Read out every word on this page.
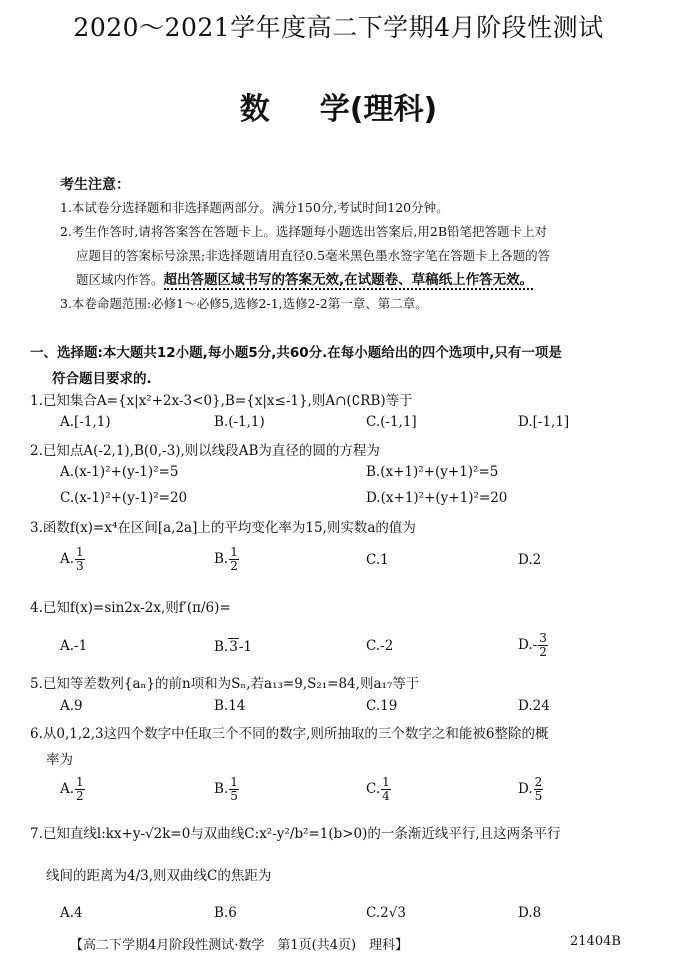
2020～2021学年度高二下学期4月阶段性测试
数 学(理科)
考生注意：
1.本试卷分选择题和非选择题两部分。满分150分,考试时间120分钟。
2.考生作答时,请将答案答在答题卡上。选择题每小题选出答案后,用2B铅笔把答题卡上对
应题目的答案标号涂黑;非选择题请用直径0.5毫米黑色墨水签字笔在答题卡上各题的答
题区域内作答。超出答题区域书写的答案无效,在试题卷、草稿纸上作答无效。
3.本卷命题范围:必修1～必修5,选修2-1,选修2-2第一章、第二章。
一、选择题:本大题共12小题,每小题5分,共60分.在每小题给出的四个选项中,只有一项是
符合题目要求的.
1.已知集合A={x|x²+2x-3<0},B={x|x≤-1},则A∩(∁RB)等于
A.[-1,1)	B.(-1,1)	C.(-1,1]	D.[-1,1]
2.已知点A(-2,1),B(0,-3),则以线段AB为直径的圆的方程为
A.(x-1)²+(y-1)²=5	B.(x+1)²+(y+1)²=5
C.(x-1)²+(y-1)²=20	D.(x+1)²+(y+1)²=20
3.函数f(x)=x⁴在区间[a,2a]上的平均变化率为15,则实数a的值为
A. $\frac{1}{3}$	B. $\frac{1}{2}$	C.1	D.2
4.已知f(x)=sin2x-2x,则f′(π/6)=
A.-1	B.3-1	C.-2	$D.- \frac{3}{2}$
5.已知等差数列{aₙ}的前n项和为Sₙ,若a₁₃=9,S₂₁=84,则a₁₇等于
A.9	B.14	C.19	D.24
6.从0,1,2,3这四个数字中任取三个不同的数字,则所抽取的三个数字之和能被6整除的概
率为
A. $\frac{1}{2}$	B. $\frac{1}{5}$	C. $\frac{1}{4}$	D. $\frac{2}{5}$
7.已知直线l:kx+y-√2k=0与双曲线C:x²-y²/b²=1(b>0)的一条渐近线平行,且这两条平行
线间的距离为4/3,则双曲线C的焦距为
A.4	B.6	C.2√3	D.8
【高二下学期4月阶段性测试·数学　第1页(共4页)　理科】	21404B
